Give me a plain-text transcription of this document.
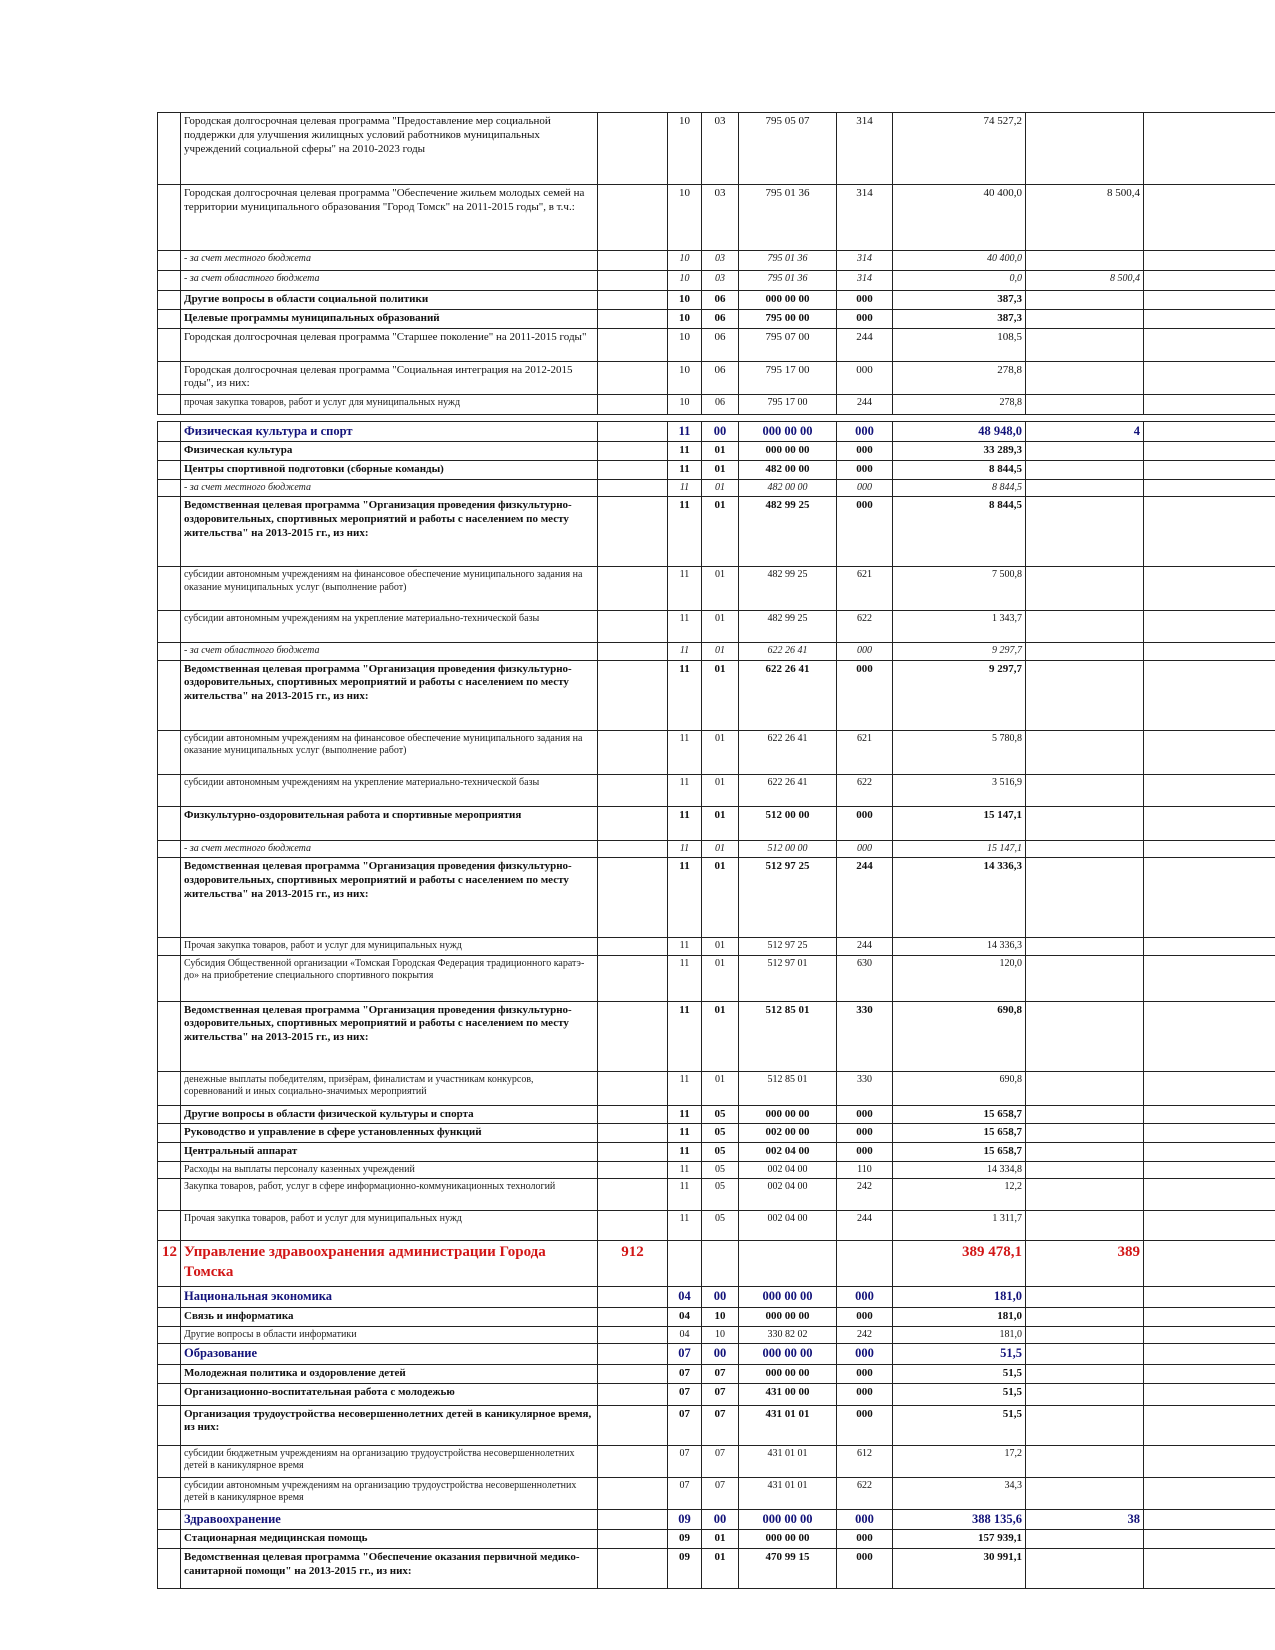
	Городская долгосрочная целевая программа "Предоставление мер социальной поддержки для улучшения жилищных условий работников муниципальных учреждений социальной сферы" на 2010-2023 годы		10	03	795 05 07	314	74 527,2		
	Городская долгосрочная целевая программа "Обеспечение жильем молодых семей на территории муниципального образования "Город Томск" на 2011-2015 годы", в т.ч.:		10	03	795 01 36	314	40 400,0	8 500,4	
	- за счет местного бюджета		10	03	795 01 36	314	40 400,0		
	- за счет областного бюджета		10	03	795 01 36	314	0,0	8 500,4	
	Другие вопросы в области социальной политики		10	06	000 00 00	000	387,3		
	Целевые программы муниципальных образований		10	06	795 00 00	000	387,3		
	Городская долгосрочная целевая программа "Старшее поколение" на 2011-2015 годы"		10	06	795 07 00	244	108,5		
	Городская долгосрочная целевая программа "Социальная интеграция на 2012-2015 годы", из них:		10	06	795 17 00	000	278,8		
	прочая закупка товаров, работ и услуг для муниципальных нужд		10	06	795 17 00	244	278,8		

	Физическая культура и спорт		11	00	000 00 00	000	48 948,0	4	
	Физическая культура		11	01	000 00 00	000	33 289,3		
	Центры спортивной подготовки (сборные команды)		11	01	482 00 00	000	8 844,5		
	- за счет местного бюджета		11	01	482 00 00	000	8 844,5		
	Ведомственная целевая программа "Организация проведения физкультурно-оздоровительных, спортивных мероприятий и работы с населением по месту жительства" на 2013-2015 гг., из них:		11	01	482 99 25	000	8 844,5		
	субсидии автономным учреждениям на финансовое обеспечение муниципального задания на оказание муниципальных услуг (выполнение работ)		11	01	482 99 25	621	7 500,8		
	субсидии автономным учреждениям на укрепление материально-технической базы		11	01	482 99 25	622	1 343,7		
	- за счет областного бюджета		11	01	622 26 41	000	9 297,7		
	Ведомственная целевая программа "Организация проведения физкультурно-оздоровительных, спортивных мероприятий и работы с населением по месту жительства" на 2013-2015 гг., из них:		11	01	622 26 41	000	9 297,7		
	субсидии автономным учреждениям на финансовое обеспечение муниципального задания на оказание муниципальных услуг (выполнение работ)		11	01	622 26 41	621	5 780,8		
	субсидии автономным учреждениям на укрепление материально-технической базы		11	01	622 26 41	622	3 516,9		
	Физкультурно-оздоровительная работа и спортивные мероприятия		11	01	512 00 00	000	15 147,1		
	- за счет местного бюджета		11	01	512 00 00	000	15 147,1		
	Ведомственная целевая программа "Организация проведения физкультурно-оздоровительных, спортивных мероприятий и работы с населением по месту жительства" на 2013-2015 гг., из них:		11	01	512 97 25	244	14 336,3		
	Прочая закупка товаров, работ и услуг для муниципальных нужд		11	01	512 97 25	244	14 336,3		
	Субсидия Общественной организации «Томская Городская Федерация традиционного каратэ-до» на приобретение специального спортивного покрытия		11	01	512 97 01	630	120,0		
	Ведомственная целевая программа "Организация проведения физкультурно-оздоровительных, спортивных мероприятий и работы с населением по месту жительства" на 2013-2015 гг., из них:		11	01	512 85 01	330	690,8		
	денежные выплаты победителям, призёрам, финалистам и участникам конкурсов, соревнований и иных социально-значимых мероприятий		11	01	512 85 01	330	690,8		
	Другие вопросы в области физической культуры и спорта		11	05	000 00 00	000	15 658,7		
	Руководство и управление в сфере установленных функций		11	05	002 00 00	000	15 658,7		
	Центральный аппарат		11	05	002 04 00	000	15 658,7		
	Расходы на выплаты персоналу казенных учреждений		11	05	002 04 00	110	14 334,8		
	Закупка товаров, работ, услуг в сфере информационно-коммуникационных технологий		11	05	002 04 00	242	12,2		
	Прочая закупка товаров, работ и услуг для муниципальных нужд		11	05	002 04 00	244	1 311,7		
12	Управление здравоохранения администрации Города Томска	912					389 478,1	389	
	Национальная экономика		04	00	000 00 00	000	181,0		
	Связь и информатика		04	10	000 00 00	000	181,0		
	Другие вопросы в области информатики		04	10	330 82 02	242	181,0		
	Образование		07	00	000 00 00	000	51,5		
	Молодежная политика и оздоровление детей		07	07	000 00 00	000	51,5		
	Организационно-воспитательная работа с молодежью		07	07	431 00 00	000	51,5		
	Организация трудоустройства несовершеннолетних детей в каникулярное время, из них:		07	07	431 01 01	000	51,5		
	субсидии бюджетным учреждениям на организацию трудоустройства несовершеннолетних детей в каникулярное время		07	07	431 01 01	612	17,2		
	субсидии автономным учреждениям на организацию трудоустройства несовершеннолетних детей в каникулярное время		07	07	431 01 01	622	34,3		
	Здравоохранение		09	00	000 00 00	000	388 135,6	38	
	Стационарная медицинская помощь		09	01	000 00 00	000	157 939,1		
	Ведомственная целевая программа "Обеспечение оказания первичной медико-санитарной помощи" на 2013-2015 гг., из них:		09	01	470 99 15	000	30 991,1		
